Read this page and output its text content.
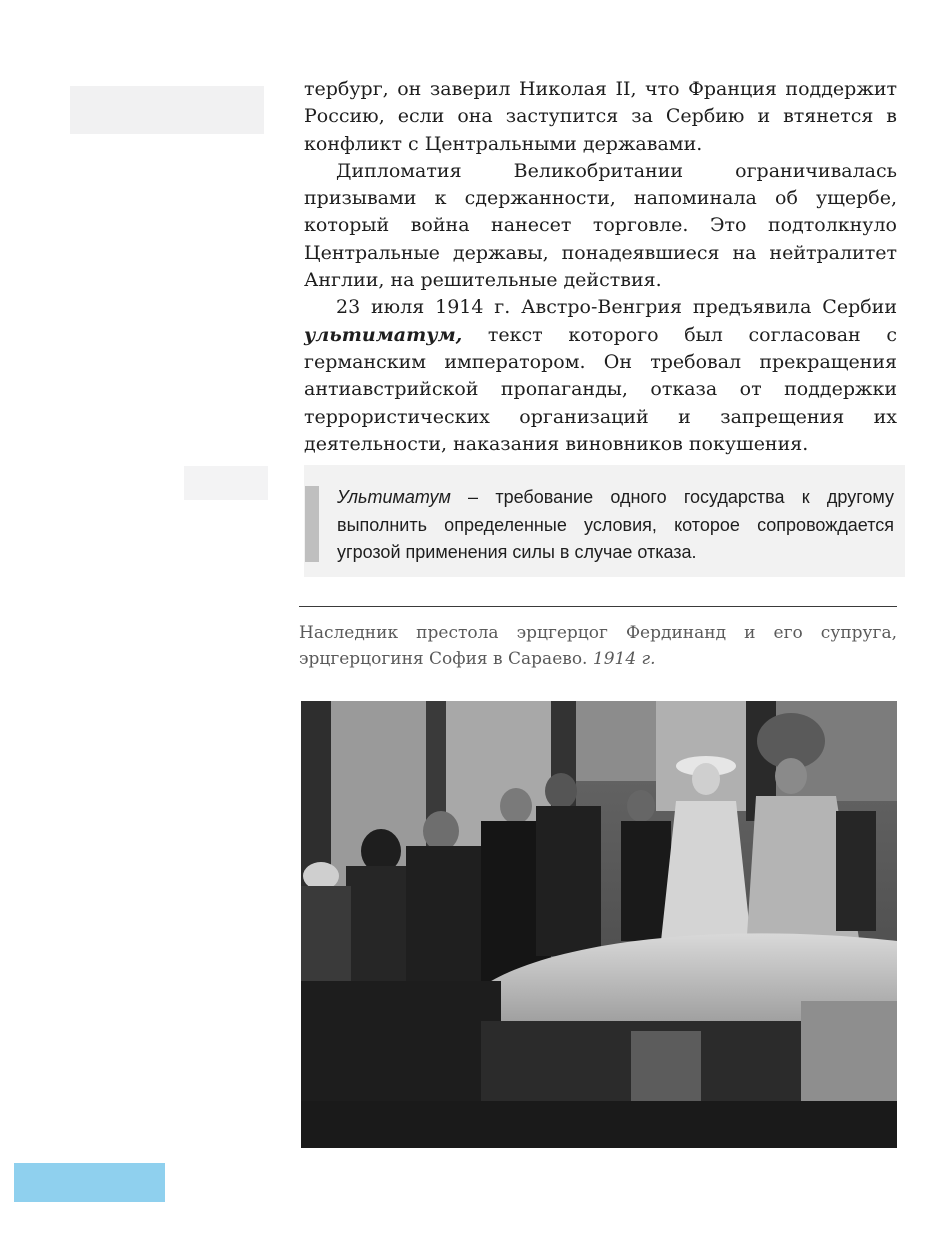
тербург, он заверил Николая II, что Франция поддержит Россию, если она заступится за Сербию и втянется в конфликт с Центральными державами.

Дипломатия Великобритании ограничивалась призывами к сдержанности, напоминала об ущербе, который война нанесет торговле. Это подтолкнуло Центральные державы, понадеявшиеся на нейтралитет Англии, на решительные действия.

23 июля 1914 г. Австро-Венгрия предъявила Сербии ультиматум, текст которого был согласован с германским императором. Он требовал прекращения антиавстрийской пропаганды, отказа от поддержки террористических организаций и запрещения их деятельности, наказания виновников покушения.

Ультиматум – требование одного государства к другому выполнить определенные условия, которое сопровождается угрозой применения силы в случае отказа.
Наследник престола эрцгерцог Фердинанд и его супруга, эрцгерцогиня София в Сараево. 1914 г.
